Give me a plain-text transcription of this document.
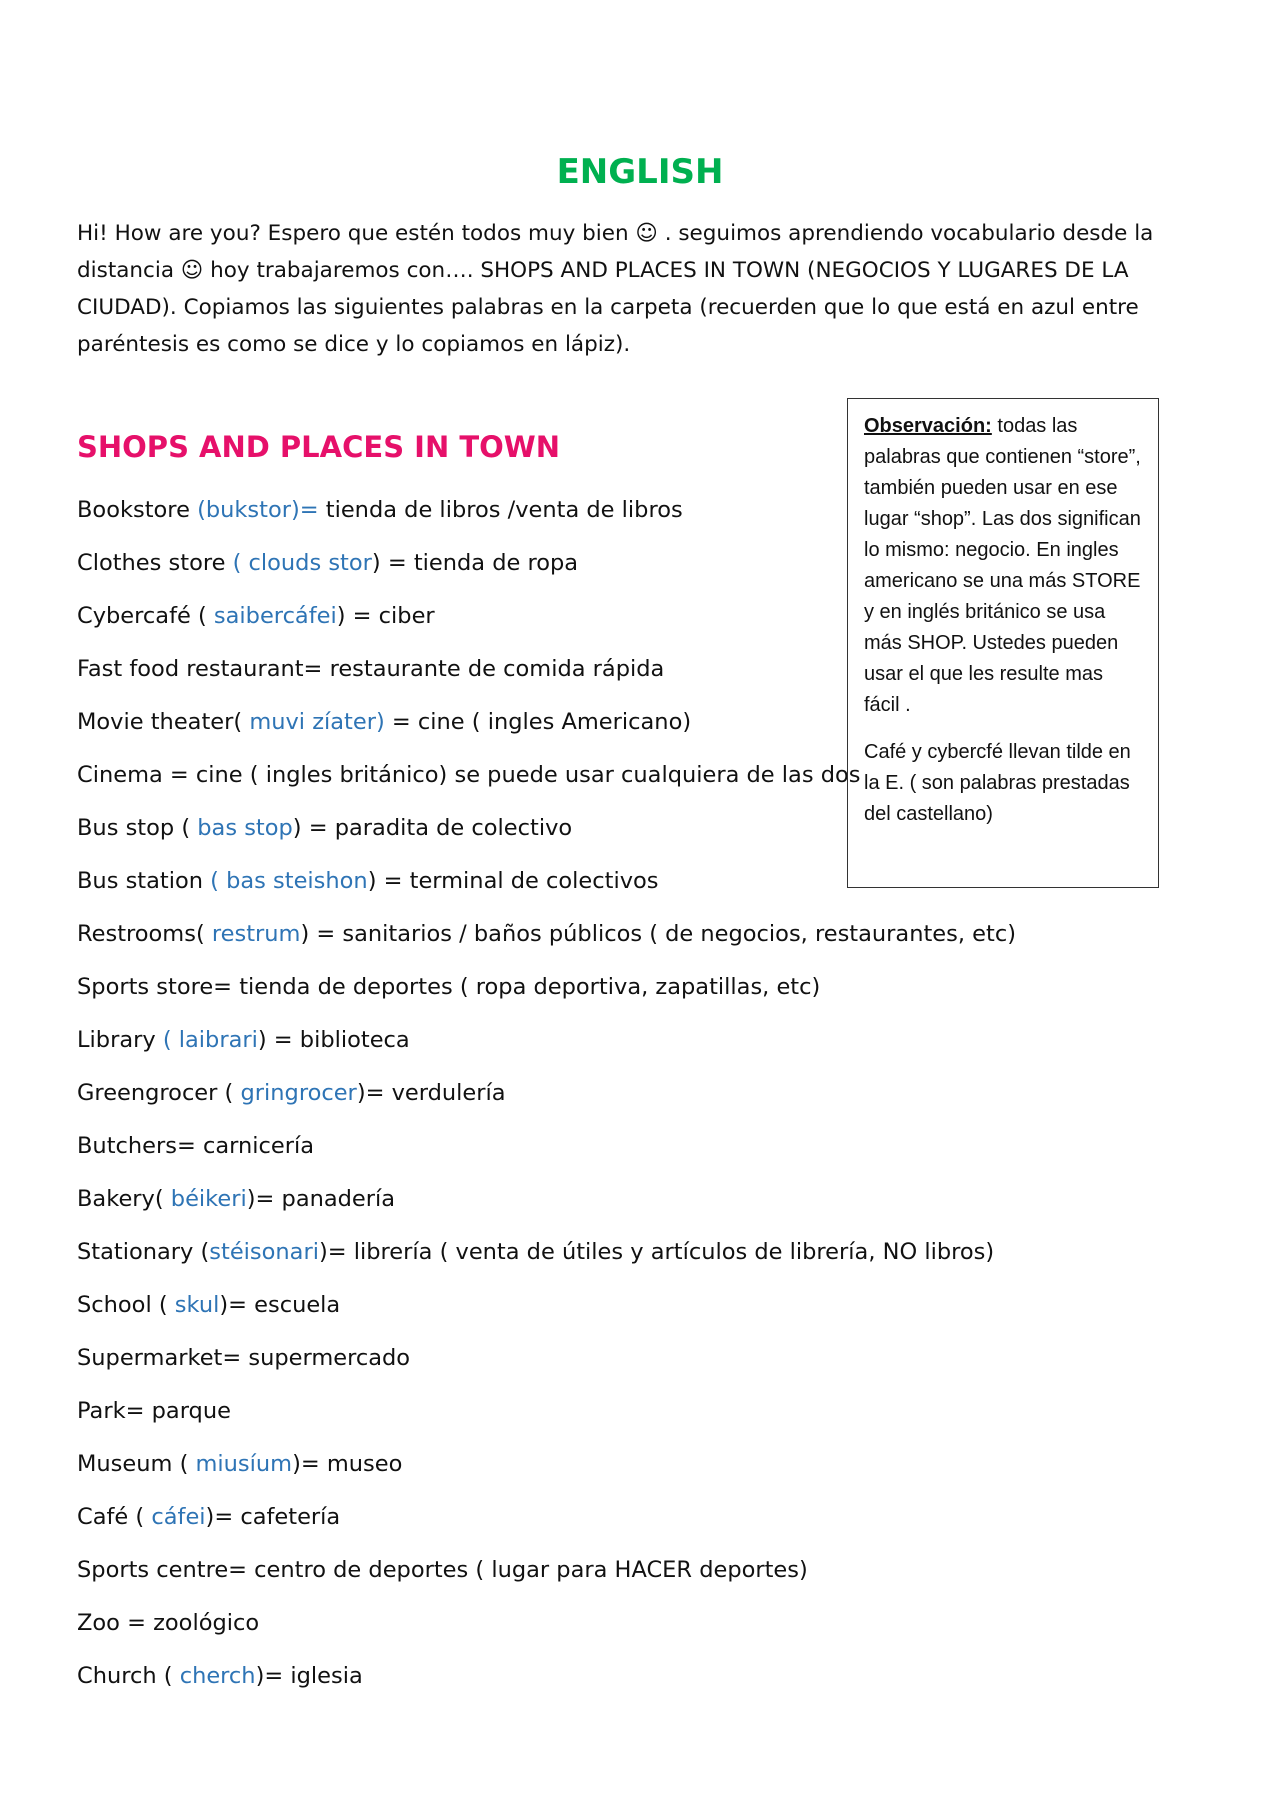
ENGLISH

Hi! How are you? Espero que estén todos muy bien ☺ . seguimos aprendiendo vocabulario desde la distancia ☺ hoy trabajaremos con…. SHOPS AND PLACES IN TOWN (NEGOCIOS Y LUGARES DE LA CIUDAD). Copiamos las siguientes palabras en la carpeta (recuerden que lo que está en azul entre paréntesis es como se dice y lo copiamos en lápiz).

SHOPS AND PLACES IN TOWN
Bookstore (bukstor)= tienda de libros /venta de libros
Clothes store ( clouds stor) = tienda de ropa
Cybercafé ( saibercáfei) = ciber
Fast food restaurant= restaurante de comida rápida
Movie theater( muvi zíater) = cine ( ingles Americano)
Cinema = cine ( ingles británico) se puede usar cualquiera de las dos
Bus stop ( bas stop) = paradita de colectivo
Bus station ( bas steishon) = terminal de colectivos
Restrooms( restrum) = sanitarios / baños públicos ( de negocios, restaurantes, etc)
Sports store= tienda de deportes ( ropa deportiva, zapatillas, etc)
Library ( laibrari) = biblioteca
Greengrocer ( gringrocer)= verdulería
Butchers= carnicería
Bakery( béikeri)= panadería
Stationary (stéisonari)= librería ( venta de útiles y artículos de librería, NO libros)
School ( skul)= escuela
Supermarket= supermercado
Park= parque
Museum ( miusíum)= museo
Café ( cáfei)= cafetería
Sports centre= centro de deportes ( lugar para HACER deportes)
Zoo = zoológico
Church ( cherch)= iglesia

Observación: todas las palabras que contienen “store”, también pueden usar en ese lugar “shop”. Las dos significan lo mismo: negocio. En ingles americano se una más STORE y en inglés británico se usa más SHOP. Ustedes pueden usar el que les resulte mas fácil .

Café y cybercfé llevan tilde en la E. ( son palabras prestadas del castellano)
